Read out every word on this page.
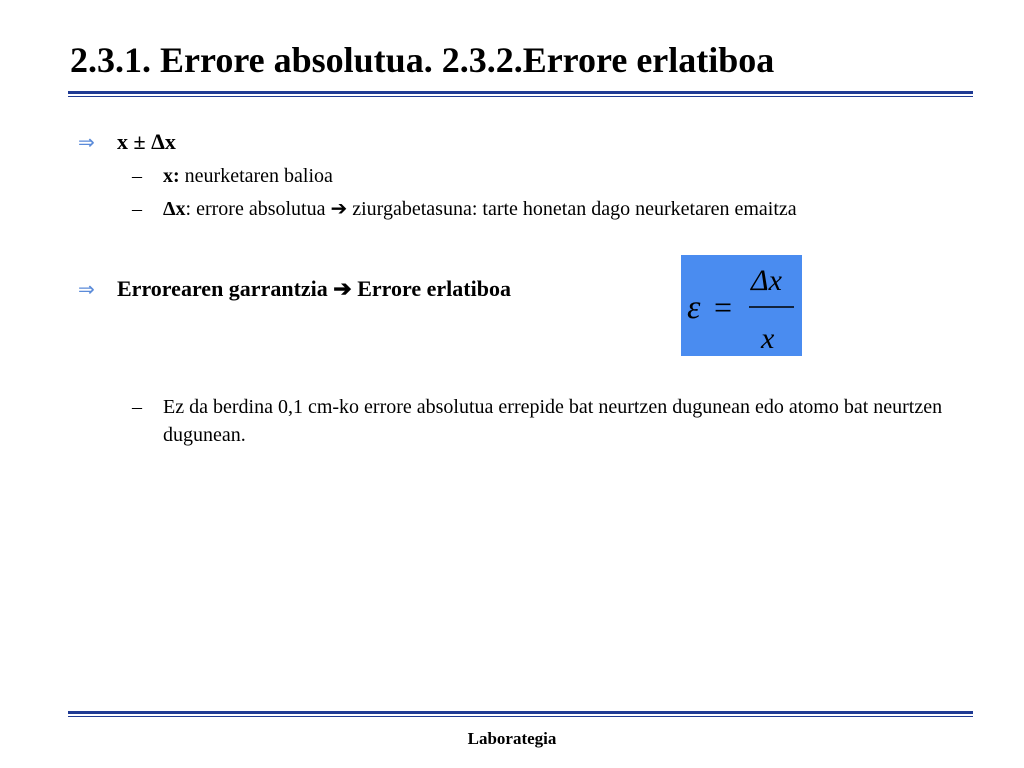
2.3.1. Errore absolutua. 2.3.2.Errore erlatiboa
⇒ x ± Δx
– x: neurketaren balioa
– Δx: errore absolutua ➔ ziurgabetasuna: tarte honetan dago neurketaren emaitza
⇒ Errorearen garrantzia ➔ Errore erlatiboa
ε =
Δx
x
– Ez da berdina 0,1 cm-ko errore absolutua errepide bat neurtzen dugunean edo atomo bat neurtzen dugunean.
Laborategia
